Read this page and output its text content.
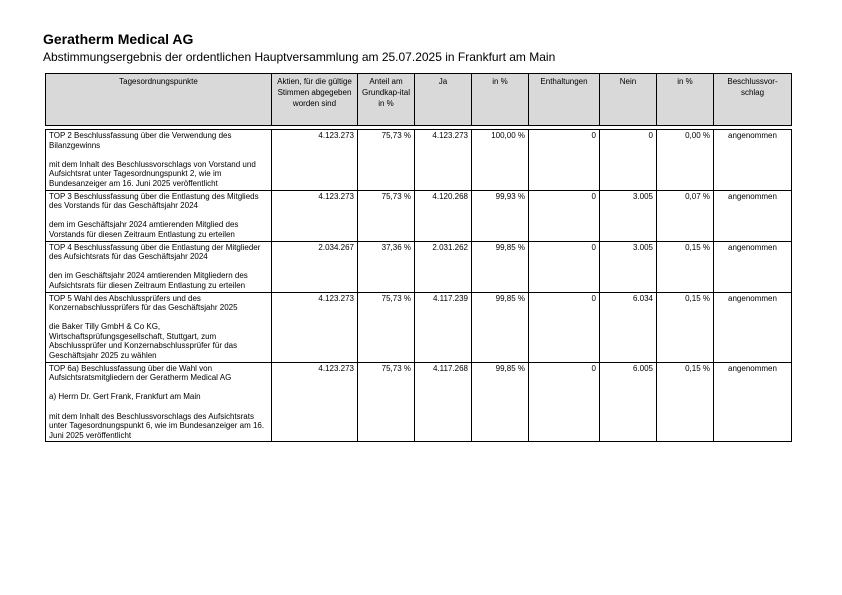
Geratherm Medical AG
Abstimmungsergebnis der ordentlichen Hauptversammlung am 25.07.2025 in Frankfurt am Main
Tagesordnungspunkte	Aktien, für die gültige Stimmen abgegeben worden sind	Anteil am Grundkap-ital in %	Ja	in %	Enthaltungen	Nein	in %	Beschlussvor-schlag

TOP 2 Beschlussfassung über die Verwendung des Bilanzgewinns

mit dem Inhalt des Beschlussvorschlags von Vorstand und Aufsichtsrat unter Tagesordnungspunkt 2, wie im Bundesanzeiger am 16. Juni 2025 veröffentlicht	4.123.273	75,73 %	4.123.273	100,00 %	0	0	0,00 %	angenommen
TOP 3 Beschlussfassung über die Entlastung des Mitglieds des Vorstands für das Geschäftsjahr 2024

dem im Geschäftsjahr 2024 amtierenden Mitglied des Vorstands für diesen Zeitraum Entlastung zu erteilen	4.123.273	75,73 %	4.120.268	99,93 %	0	3.005	0,07 %	angenommen
TOP 4 Beschlussfassung über die Entlastung der Mitglieder des Aufsichtsrats für das Geschäftsjahr 2024

den im Geschäftsjahr 2024 amtierenden Mitgliedern des Aufsichtsrats für diesen Zeitraum Entlastung zu erteilen	2.034.267	37,36 %	2.031.262	99,85 %	0	3.005	0,15 %	angenommen
TOP 5 Wahl des Abschlussprüfers und des Konzernabschlussprüfers für das Geschäftsjahr 2025

die Baker Tilly GmbH & Co KG, Wirtschaftsprüfungsgesellschaft, Stuttgart, zum Abschlussprüfer und Konzernabschlussprüfer für das Geschäftsjahr 2025 zu wählen	4.123.273	75,73 %	4.117.239	99,85 %	0	6.034	0,15 %	angenommen
TOP 6a) Beschlussfassung über die Wahl von Aufsichtsratsmitgliedern der Geratherm Medical AG

a) Herrn Dr. Gert Frank, Frankfurt am Main

mit dem Inhalt des Beschlussvorschlags des Aufsichtsrats unter Tagesordnungspunkt 6, wie im Bundesanzeiger am 16. Juni 2025 veröffentlicht	4.123.273	75,73 %	4.117.268	99,85 %	0	6.005	0,15 %	angenommen
